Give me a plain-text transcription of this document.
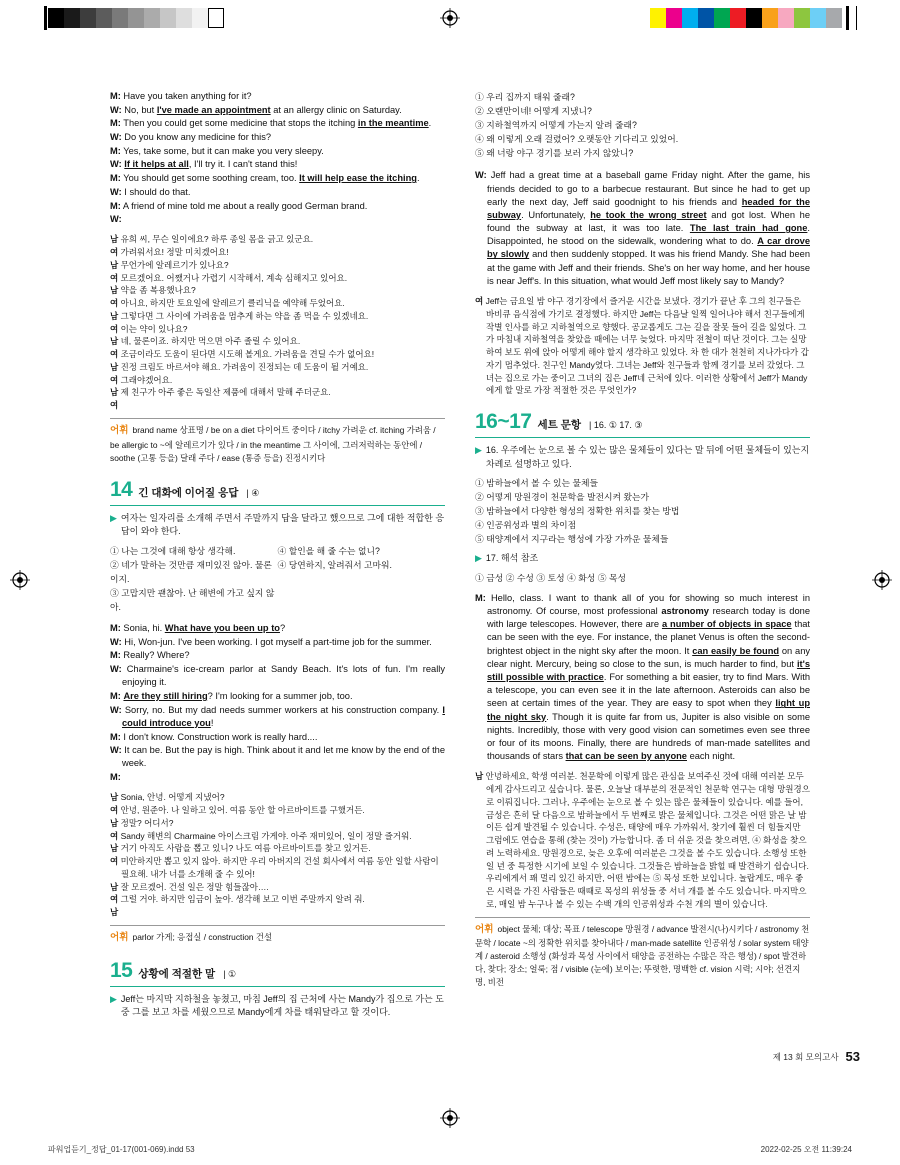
M: Have you taken anything for it?

W: No, but I've made an appointment at an allergy clinic on Saturday.

M: Then you could get some medicine that stops the itching in the meantime.

W: Do you know any medicine for this?

M: Yes, take some, but it can make you very sleepy.

W: If it helps at all, I'll try it. I can't stand this!

M: You should get some soothing cream, too. It will help ease the itching.

W: I should do that.

M: A friend of mine told me about a really good German brand.

W:

남 유희 씨, 무슨 일이에요? 하루 종일 몸을 긁고 있군요.

여 가려워서요! 정말 미치겠어요!

남 무언가에 알레르기가 있나요?

여 모르겠어요. 어쨌거나 가렵기 시작해서, 계속 심해지고 있어요.

남 약을 좀 복용했나요?

여 아니요, 하지만 토요일에 알레르기 클리닉을 예약해 두었어요.

남 그렇다면 그 사이에 가려움을 멈추게 하는 약을 좀 먹을 수 있겠네요.

여 이는 약이 있나요?

남 네, 물론이죠. 하지만 먹으면 아주 졸릴 수 있어요.

여 조금이라도 도움이 된다면 시도해 볼게요. 가려움을 견딜 수가 없어요!

남 진정 크림도 바르셔야 해요. 가려움이 진정되는 데 도움이 될 거예요.

여 그래야겠어요.

남 제 친구가 아주 좋은 독일산 제품에 대해서 말해 주더군요.

여

어휘 brand name 상표명 / be on a diet 다이어트 중이다 / itchy 가려운 cf. itching 가려움 / be allergic to ~에 알레르기가 있다 / in the meantime 그 사이에, 그러저럭하는 동안에 / soothe (고통 등을) 달래 주다 / ease (통증 등을) 진정시키다
14 긴 대화에 이어질 응답 | ④
▶ 여자는 일자리를 소개해 주면서 주말까지 답을 달라고 했으므로 그에 대한 적합한 응답이 와야 한다.

① 나는 그것에 대해 항상 생각해.

② 네가 말하는 것만큼 재미있진 않아. 물론이지.

③ 고맙지만 괜찮아. 난 해변에 가고 싶지 않아.

④ 할인을 해 줄 수는 없니?

④ 당연하지, 알려줘서 고마워.

M: Sonia, hi. What have you been up to?

W: Hi, Won-jun. I've been working. I got myself a part-time job for the summer.

M: Really? Where?

W: Charmaine's ice-cream parlor at Sandy Beach. It's lots of fun. I'm really enjoying it.

M: Are they still hiring? I'm looking for a summer job, too.

W: Sorry, no. But my dad needs summer workers at his construction company. I could introduce you!

M: I don't know. Construction work is really hard....

W: It can be. But the pay is high. Think about it and let me know by the end of the week.

M:

남 Sonia, 안녕. 어떻게 지냈어?

여 안녕, 원준아. 나 일하고 있어. 여름 동안 할 아르바이트를 구했거든.

남 정말? 어디서?

여 Sandy 해변의 Charmaine 아이스크림 가게야. 아주 재미있어, 일이 정말 즐거워.

남 거기 아직도 사람을 뽑고 있니? 나도 여름 아르바이트를 찾고 있거든.

여 미안하지만 뽑고 있지 않아. 하지만 우리 아버지의 건설 회사에서 여름 동안 일할 사람이 필요해. 내가 너를 소개해 줄 수 있어!

남 잘 모르겠어. 건설 일은 정말 힘들잖아….

여 그럴 거야. 하지만 임금이 높아. 생각해 보고 이번 주말까지 알려 줘.

남

어휘 parlor 가게; 응접실 / construction 건설
15 상황에 적절한 말 | ①
▶ Jeff는 마지막 지하철을 놓쳤고, 마침 Jeff의 집 근처에 사는 Mandy가 집으로 가는 도중 그를 보고 차를 세웠으므로 Mandy에게 차를 태워달라고 할 것이다.

① 우리 집까지 태워 줄래?

② 오랜만이네! 어떻게 지냈니?

③ 지하철역까지 어떻게 가는지 알려 줄래?

④ 왜 이렇게 오래 걸렸어? 오랫동안 기다리고 있었어.

⑤ 왜 너랑 야구 경기를 보러 가지 않았니?

W: Jeff had a great time at a baseball game Friday night. After the game, his friends decided to go to a barbecue restaurant. But since he had to get up early the next day, Jeff said goodnight to his friends and headed for the subway. Unfortunately, he took the wrong street and got lost. When he found the subway at last, it was too late. The last train had gone. Disappointed, he stood on the sidewalk, wondering what to do. A car drove by slowly and then suddenly stopped. It was his friend Mandy. She had been at the game with Jeff and their friends. She's on her way home, and her house is near Jeff's. In this situation, what would Jeff most likely say to Mandy?

여 Jeff는 금요일 밤 야구 경기장에서 즐거운 시간을 보냈다. 경기가 끝난 후 그의 친구들은 바비큐 음식점에 가기로 결정했다. 하지만 Jeff는 다음날 일찍 일어나야 해서 친구들에게 작별 인사를 하고 지하철역으로 향했다. 공교롭게도 그는 길을 잘못 들어 길을 잃었다. 그가 마침내 지하철역을 찾았을 때에는 너무 늦었다. 마지막 전철이 떠난 것이다. 그는 실망하여 보도 위에 앉아 어떻게 해야 할지 생각하고 있었다. 차 한 대가 천천히 지나가다가 갑자기 멈추었다. 친구인 Mandy였다. 그녀는 Jeff와 친구들과 함께 경기를 보러 갔었다. 그녀는 집으로 가는 중이고 그녀의 집은 Jeff네 근처에 있다. 이러한 상황에서 Jeff가 Mandy에게 할 말로 가장 적절한 것은 무엇인가?

16~17 세트 문항 | 16. ① 17. ③
▶ 16. 우주에는 눈으로 볼 수 있는 많은 물체들이 있다는 말 뒤에 어떤 물체들이 있는지 차례로 설명하고 있다.

① 밤하늘에서 볼 수 있는 물체들

② 어떻게 망원경이 천문학을 발전시켜 왔는가

③ 밤하늘에서 다양한 형성의 정확한 위치를 찾는 방법

④ 인공위성과 별의 차이점

⑤ 태양계에서 지구라는 행성에 가장 가까운 물체들

▶ 17. 해석 참조

① 금성 ② 수성 ③ 토성 ④ 화성 ⑤ 목성

M: Hello, class. I want to thank all of you for showing so much interest in astronomy. Of course, most professional astronomy research today is done with large telescopes. However, there are a number of objects in space that can be seen with the eye. For instance, the planet Venus is often the second-brightest object in the night sky after the moon. It can easily be found on any clear night. Mercury, being so close to the sun, is much harder to find, but it's still possible with practice. For something a bit easier, try to find Mars. With a telescope, you can even see it in the late afternoon. Asteroids can also be seen at certain times of the year. They are easy to spot when they light up the night sky. Though it is quite far from us, Jupiter is also visible on some nights. Incredibly, those with very good vision can sometimes even see three or four of its moons. Finally, there are hundreds of man-made satellites and thousands of stars that can be seen by anyone each night.

남 안녕하세요, 학생 여러분. 천문학에 이렇게 많은 관심을 보여주신 것에 대해 여러분 모두에게 감사드리고 싶습니다. 물론, 오늘날 대부분의 전문적인 천문학 연구는 대형 망원경으로 이뤄집니다. 그러나, 우주에는 눈으로 볼 수 있는 많은 물체들이 있습니다. 예를 들어, 금성은 흔히 달 다음으로 밤하늘에서 두 번째로 밝은 물체입니다. 그것은 어떤 맑은 날 밤이든 쉽게 발견될 수 있습니다. 수성은, 태양에 매우 가까워서, 찾기에 훨씬 더 힘들지만 그럼에도 연습을 통해 (찾는 것이) 가능합니다. 좀 더 쉬운 것을 찾으려면, ④ 화성을 찾으려 노력하세요. 망원경으로, 늦은 오후에 여러분은 그것을 볼 수도 있습니다. 소행성 또한 일 년 중 특정한 시기에 보일 수 있습니다. 그것들은 밤하늘을 밝힐 때 발견하기 쉽습니다. 우리에게서 꽤 멀리 있긴 하지만, 어떤 밤에는 ⑤ 목성 또한 보입니다. 놀랍게도, 매우 좋은 시력을 가진 사람들은 때때로 목성의 위성들 중 서너 개를 볼 수도 있습니다. 마지막으로, 매일 밤 누구나 볼 수 있는 수백 개의 인공위성과 수천 개의 별이 있습니다.

어휘 object 물체; 대상; 목표 / telescope 망원경 / advance 발전시(나)시키다 / astronomy 천문학 / locate ~의 정확한 위치를 찾아내다 / man-made satellite 인공위성 / solar system 태양계 / asteroid 소행성 (화성과 목성 사이에서 태양을 공전하는 수많은 작은 행성) / spot 발견하다, 찾다; 장소; 얼룩; 점 / visible (눈에) 보이는; 뚜렷한, 명백한 cf. vision 시력; 시야; 선견지명, 비전
제 13 회 모의고사 53
파워업듣기_정답_01-17(001-069).indd 53	2022-02-25 오전 11:39:24
